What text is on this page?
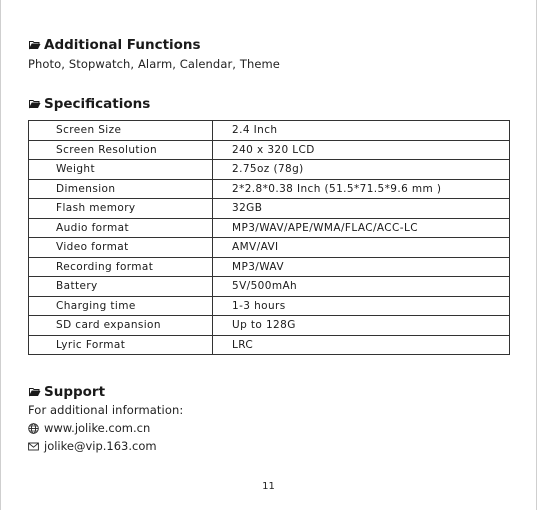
Additional Functions
Photo, Stopwatch, Alarm, Calendar, Theme
Specifications
Screen Size	2.4 Inch
Screen Resolution	240 x 320 LCD
Weight	2.75oz (78g)
Dimension	2*2.8*0.38 Inch (51.5*71.5*9.6 mm )
Flash memory	32GB
Audio format	MP3/WAV/APE/WMA/FLAC/ACC-LC
Video format	AMV/AVI
Recording format	MP3/WAV
Battery	5V/500mAh
Charging time	1-3 hours
SD card expansion	Up to 128G
Lyric Format	LRC
Support
For additional information:
www.jolike.com.cn
jolike@vip.163.com
11
